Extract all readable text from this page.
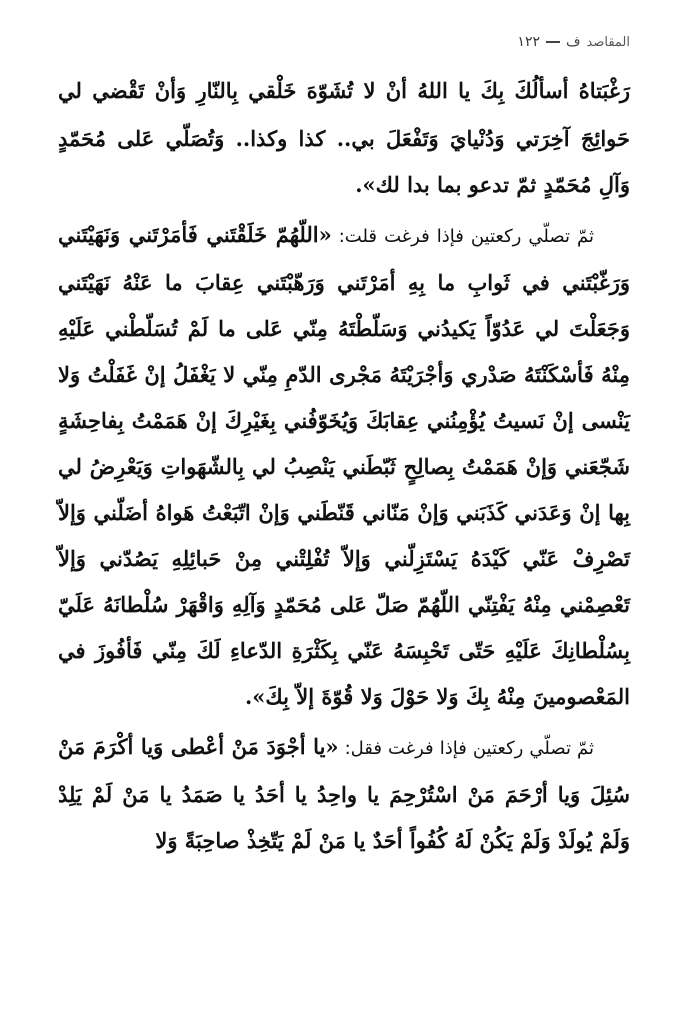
المقاصد
ف
١٢٢

رَغْبَتاهُ أسألُكَ بِكَ يا اللهُ أنْ لا تُشَوّهَ خَلْقي بِالنّارِ وَأنْ تَقْضي لي حَوائِجَ آخِرَتي وَدُنْيايَ وَتَفْعَلَ بي.. كذا وكذا.. وَتُصَلّي عَلى مُحَمّدٍ وَآلِ مُحَمّدٍ ثمّ تدعو بما بدا لك».

ثمّ تصلّي ركعتين فإذا فرغت قلت: «اللّهُمّ خَلَقْتَني فَأمَرْتَني وَنَهَيْتَني وَرَغّبْتَني في ثَوابِ ما بِهِ أمَرْتَني وَرَهّبْتَني عِقابَ ما عَنْهُ نَهَيْتَني وَجَعَلْتَ لي عَدُوّاً يَكيدُني وَسَلّطْتَهُ مِنّي عَلى ما لَمْ تُسَلّطْني عَلَيْهِ مِنْهُ فَأسْكَنْتَهُ صَدْري وَأجْرَيْتَهُ مَجْرى الدّمِ مِنّي لا يَغْفَلُ إنْ غَفَلْتُ وَلا يَنْسى إنْ نَسيتُ يُؤْمِنُني عِقابَكَ وَيُخَوّفُني بِغَيْرِكَ إنْ هَمَمْتُ بِفاحِشَةٍ شَجّعَني وَإنْ هَمَمْتُ بِصالِحٍ ثَبّطَني يَنْصِبُ لي بِالشّهَواتِ وَيَعْرِضُ لي بِها إنْ وَعَدَني كَذَبَني وَإنْ مَنّاني قَنّطَني وَإنْ اتّبَعْتُ هَواهُ أضَلّني وَإلاّ تَصْرِفْ عَنّي كَيْدَهُ يَسْتَزِلّني وَإلاّ تُفْلِتْني مِنْ حَبائِلِهِ يَصُدّني وَإلاّ تَعْصِمْني مِنْهُ يَفْتِنّي اللّهُمّ صَلّ عَلى مُحَمّدٍ وَآلِهِ وَاقْهَرْ سُلْطانَهُ عَلَيّ بِسُلْطانِكَ عَلَيْهِ حَتّى تَحْبِسَهُ عَنّي بِكَثْرَةِ الدّعاءِ لَكَ مِنّي فَأفُوزَ في المَعْصومينَ مِنْهُ بِكَ وَلا حَوْلَ وَلا قُوّةَ إلاّ بِكَ».

ثمّ تصلّي ركعتين فإذا فرغت فقل: «يا أجْوَدَ مَنْ أعْطى وَيا أكْرَمَ مَنْ سُئِلَ وَيا أرْحَمَ مَنْ اسْتُرْحِمَ يا واحِدُ يا أحَدُ يا صَمَدُ يا مَنْ لَمْ يَلِدْ وَلَمْ يُولَدْ وَلَمْ يَكُنْ لَهُ كُفُواً أحَدٌ يا مَنْ لَمْ يَتّخِذْ صاحِبَةً وَلا
